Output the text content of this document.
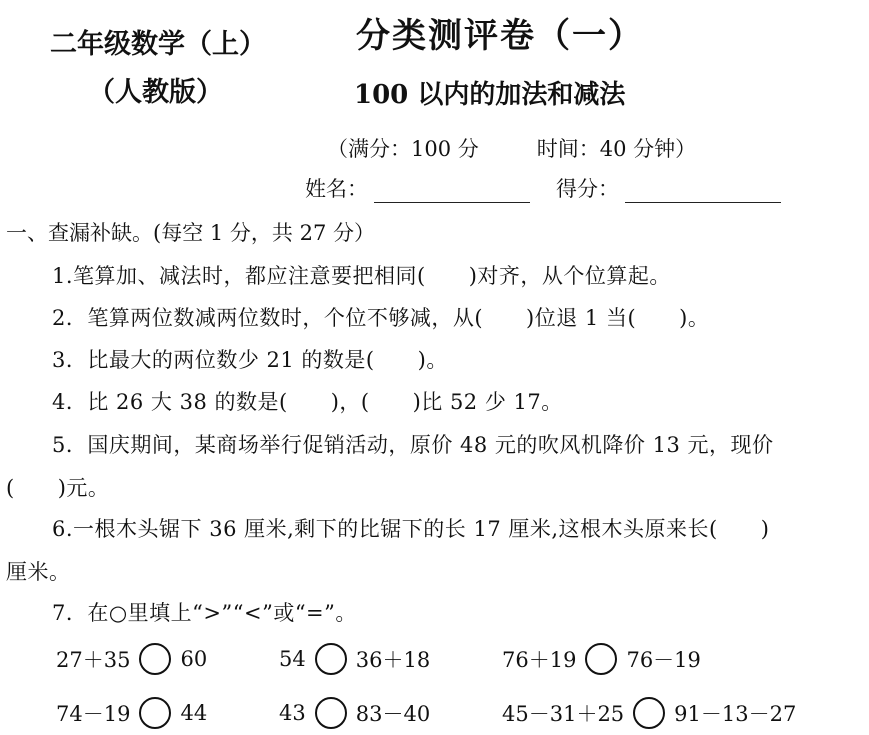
二年级数学（上）
（人教版）
分类测评卷（一）
100 以内的加法和减法
（满分：100 分	时间：40 分钟）
姓名：	得分：
一、查漏补缺。(每空 1 分，共 27 分）
1.笔算加、减法时，都应注意要把相同(　　)对齐，从个位算起。
2．笔算两位数减两位数时，个位不够减，从(　　)位退 1 当(　　)。
3．比最大的两位数少 21 的数是(　　)。
4．比 26 大 38 的数是(　　)，(　　)比 52 少 17。
5．国庆期间，某商场举行促销活动，原价 48 元的吹风机降价 13 元，现价
(　　)元。
6.一根木头锯下 36 厘米,剩下的比锯下的长 17 厘米,这根木头原来长(　　)
厘米。
7．在○里填上“>”“<”或“=”。
27＋35 60	54 36＋18	76＋19 76－19
74－19 44	43 83－40	45－31＋25 91－13－27
